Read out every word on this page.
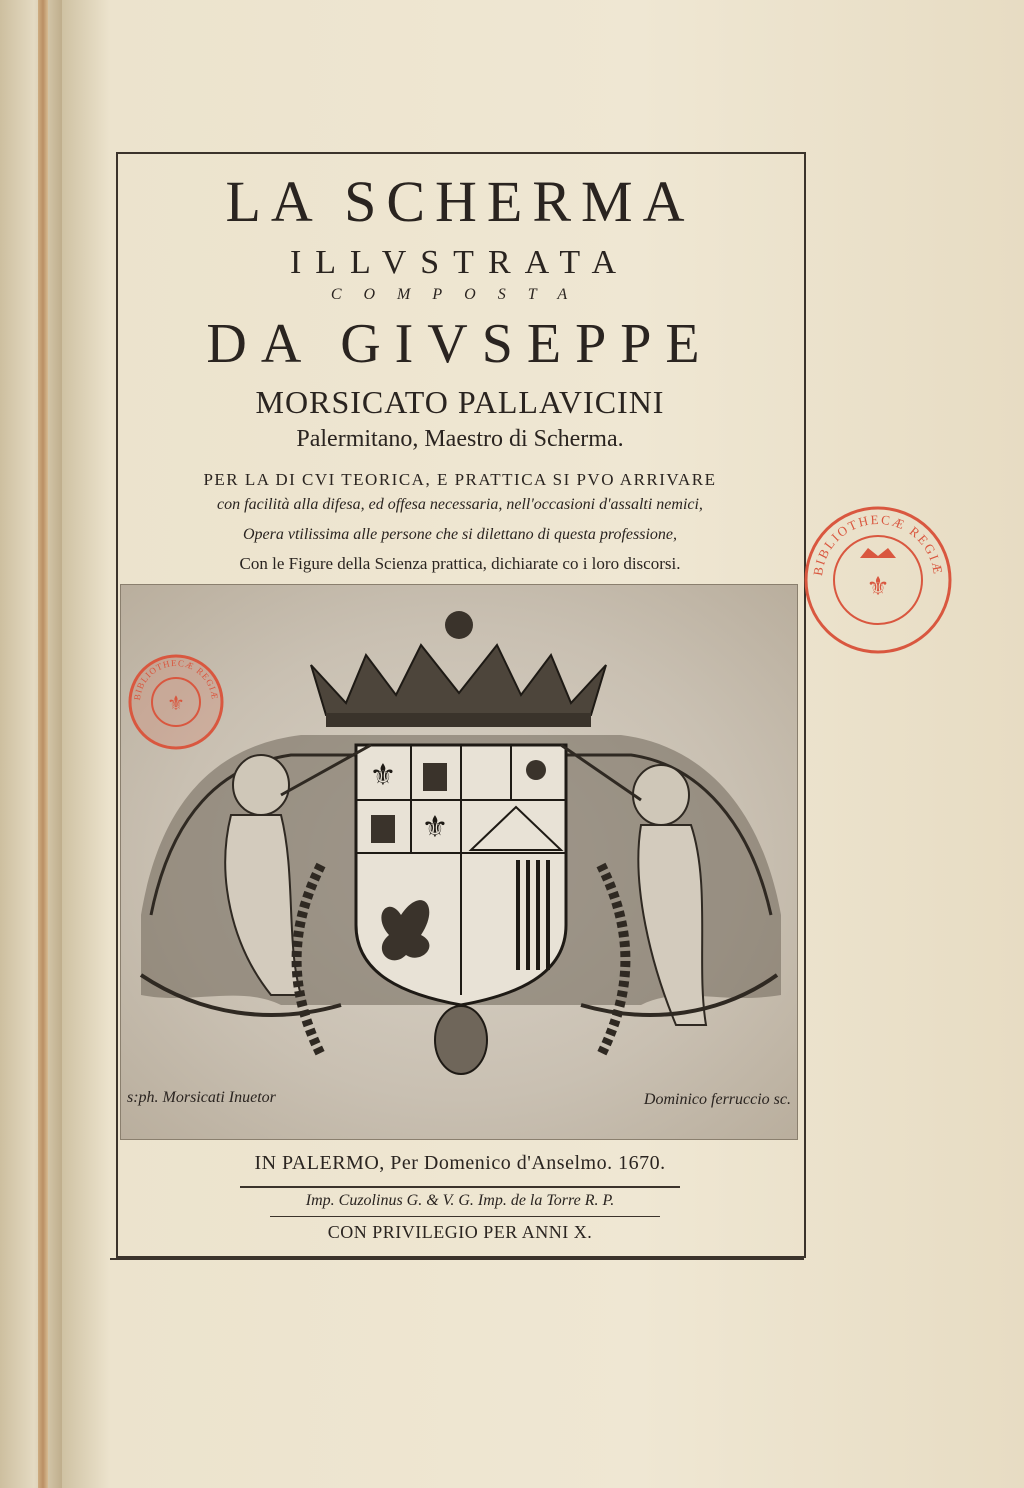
LA SCHERMA
ILLVSTRATA
COMPOSTA
DA GIVSEPPE
MORSICATO PALLAVICINI
Palermitano, Maestro di Scherma.
PER LA DI CVI TEORICA, E PRATTICA SI PVO ARRIVARE
con facilità alla difesa, ed offesa necessaria, nell'occasioni d'assalti nemici,
Opera vtilissima alle persone che si dilettano di questa professione,
Con le Figure della Scienza prattica, dichiarate co i loro discorsi.
⚜
⚜
s:ph. Morsicati Inuetor	Dominico ferruccio sc.
IN PALERMO, Per Domenico d'Anselmo. 1670.
Imp. Cuzolinus G. & V. G. Imp. de la Torre R. P.
CON PRIVILEGIO PER ANNI X.
BIBLIOTHECÆ REGIÆ
⚜
BIBLIOTHECÆ REGIÆ
⚜
